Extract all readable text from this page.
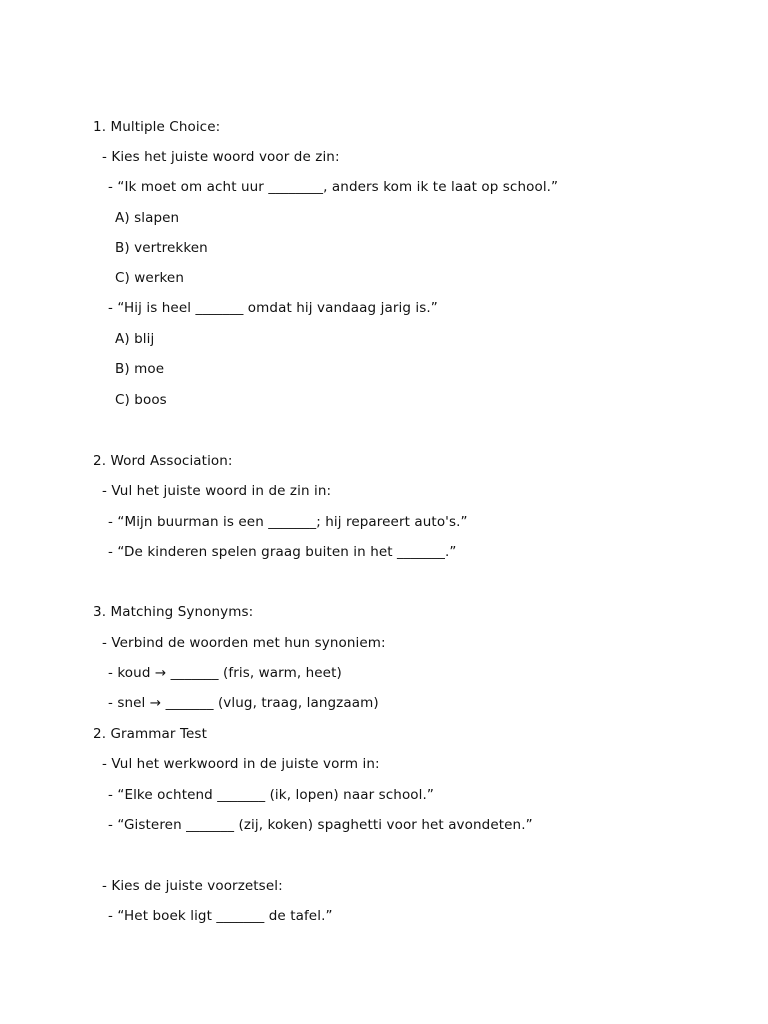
1. Multiple Choice:
- Kies het juiste woord voor de zin:
- “Ik moet om acht uur ________, anders kom ik te laat op school.”
A) slapen
B) vertrekken
C) werken
- “Hij is heel _______ omdat hij vandaag jarig is.”
A) blij
B) moe
C) boos
2. Word Association:
- Vul het juiste woord in de zin in:
- “Mijn buurman is een _______; hij repareert auto's.”
- “De kinderen spelen graag buiten in het _______.”
3. Matching Synonyms:
- Verbind de woorden met hun synoniem:
- koud → _______ (fris, warm, heet)
- snel → _______ (vlug, traag, langzaam)
2. Grammar Test
- Vul het werkwoord in de juiste vorm in:
- “Elke ochtend _______ (ik, lopen) naar school.”
- “Gisteren _______ (zij, koken) spaghetti voor het avondeten.”
- Kies de juiste voorzetsel:
- “Het boek ligt _______ de tafel.”
